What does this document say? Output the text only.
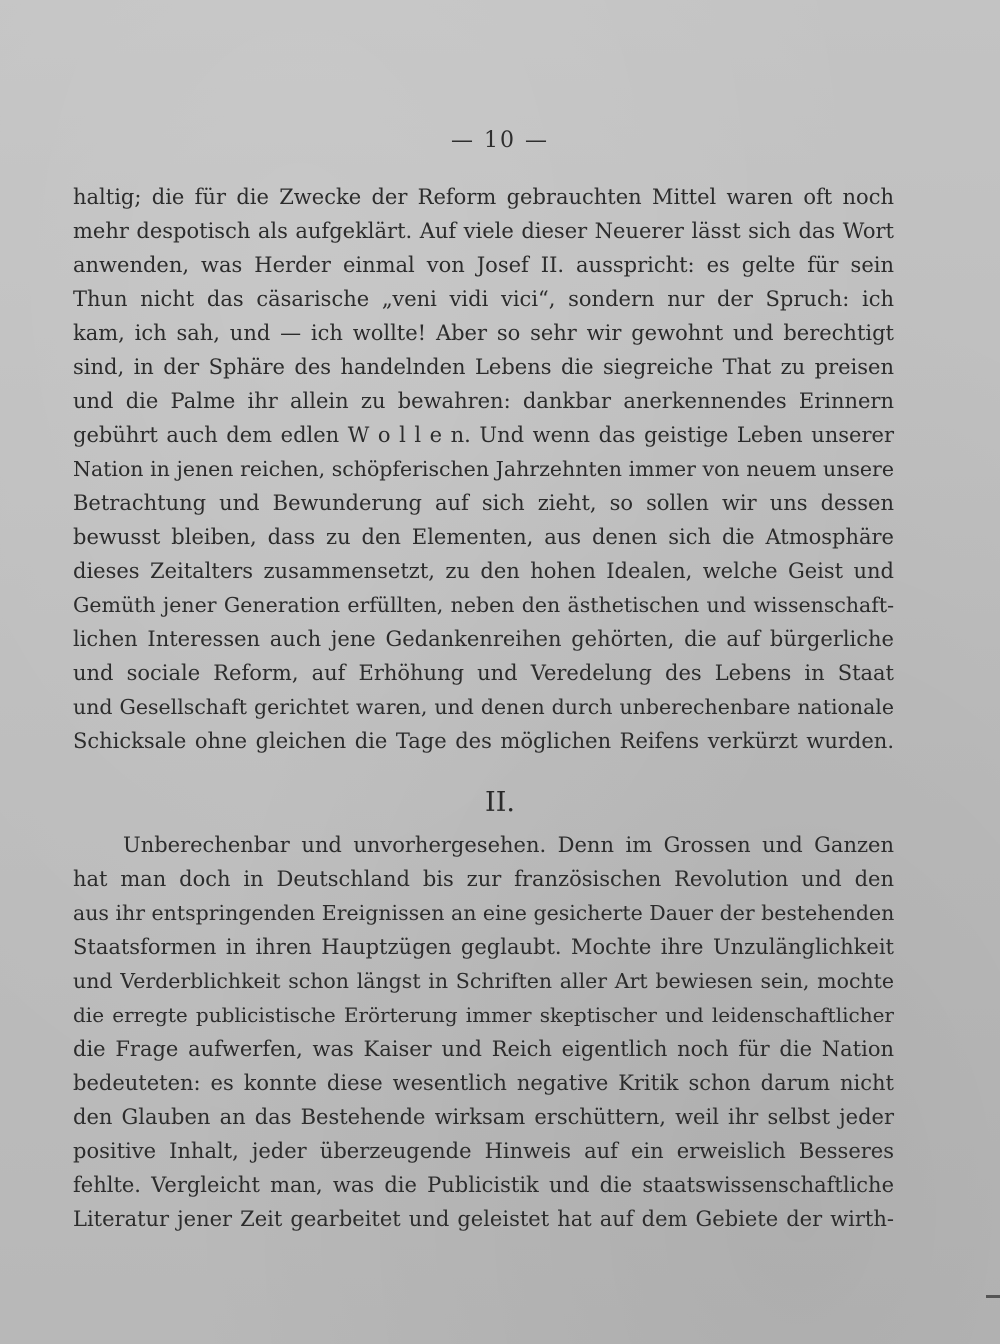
— 10 —
haltig; die für die Zwecke der Reform gebrauchten Mittel waren oft noch
mehr despotisch als aufgeklärt. Auf viele dieser Neuerer lässt sich das Wort
anwenden, was Herder einmal von Josef II. ausspricht: es gelte für sein
Thun nicht das cäsarische „veni vidi vici“, sondern nur der Spruch: ich
kam, ich sah, und — ich wollte! Aber so sehr wir gewohnt und berechtigt
sind, in der Sphäre des handelnden Lebens die siegreiche That zu preisen
und die Palme ihr allein zu bewahren: dankbar anerkennendes Erinnern
gebührt auch dem edlen W o l l e n. Und wenn das geistige Leben unserer
Nation in jenen reichen, schöpferischen Jahrzehnten immer von neuem unsere
Betrachtung und Bewunderung auf sich zieht, so sollen wir uns dessen
bewusst bleiben, dass zu den Elementen, aus denen sich die Atmosphäre
dieses Zeitalters zusammensetzt, zu den hohen Idealen, welche Geist und
Gemüth jener Generation erfüllten, neben den ästhetischen und wissenschaft-
lichen Interessen auch jene Gedankenreihen gehörten, die auf bürgerliche
und sociale Reform, auf Erhöhung und Veredelung des Lebens in Staat
und Gesellschaft gerichtet waren, und denen durch unberechenbare nationale
Schicksale ohne gleichen die Tage des möglichen Reifens verkürzt wurden.
II.
Unberechenbar und unvorhergesehen. Denn im Grossen und Ganzen
hat man doch in Deutschland bis zur französischen Revolution und den
aus ihr entspringenden Ereignissen an eine gesicherte Dauer der bestehenden
Staatsformen in ihren Hauptzügen geglaubt. Mochte ihre Unzulänglichkeit
und Verderblichkeit schon längst in Schriften aller Art bewiesen sein, mochte
die erregte publicistische Erörterung immer skeptischer und leidenschaftlicher
die Frage aufwerfen, was Kaiser und Reich eigentlich noch für die Nation
bedeuteten: es konnte diese wesentlich negative Kritik schon darum nicht
den Glauben an das Bestehende wirksam erschüttern, weil ihr selbst jeder
positive Inhalt, jeder überzeugende Hinweis auf ein erweislich Besseres
fehlte. Vergleicht man, was die Publicistik und die staatswissenschaftliche
Literatur jener Zeit gearbeitet und geleistet hat auf dem Gebiete der wirth-
